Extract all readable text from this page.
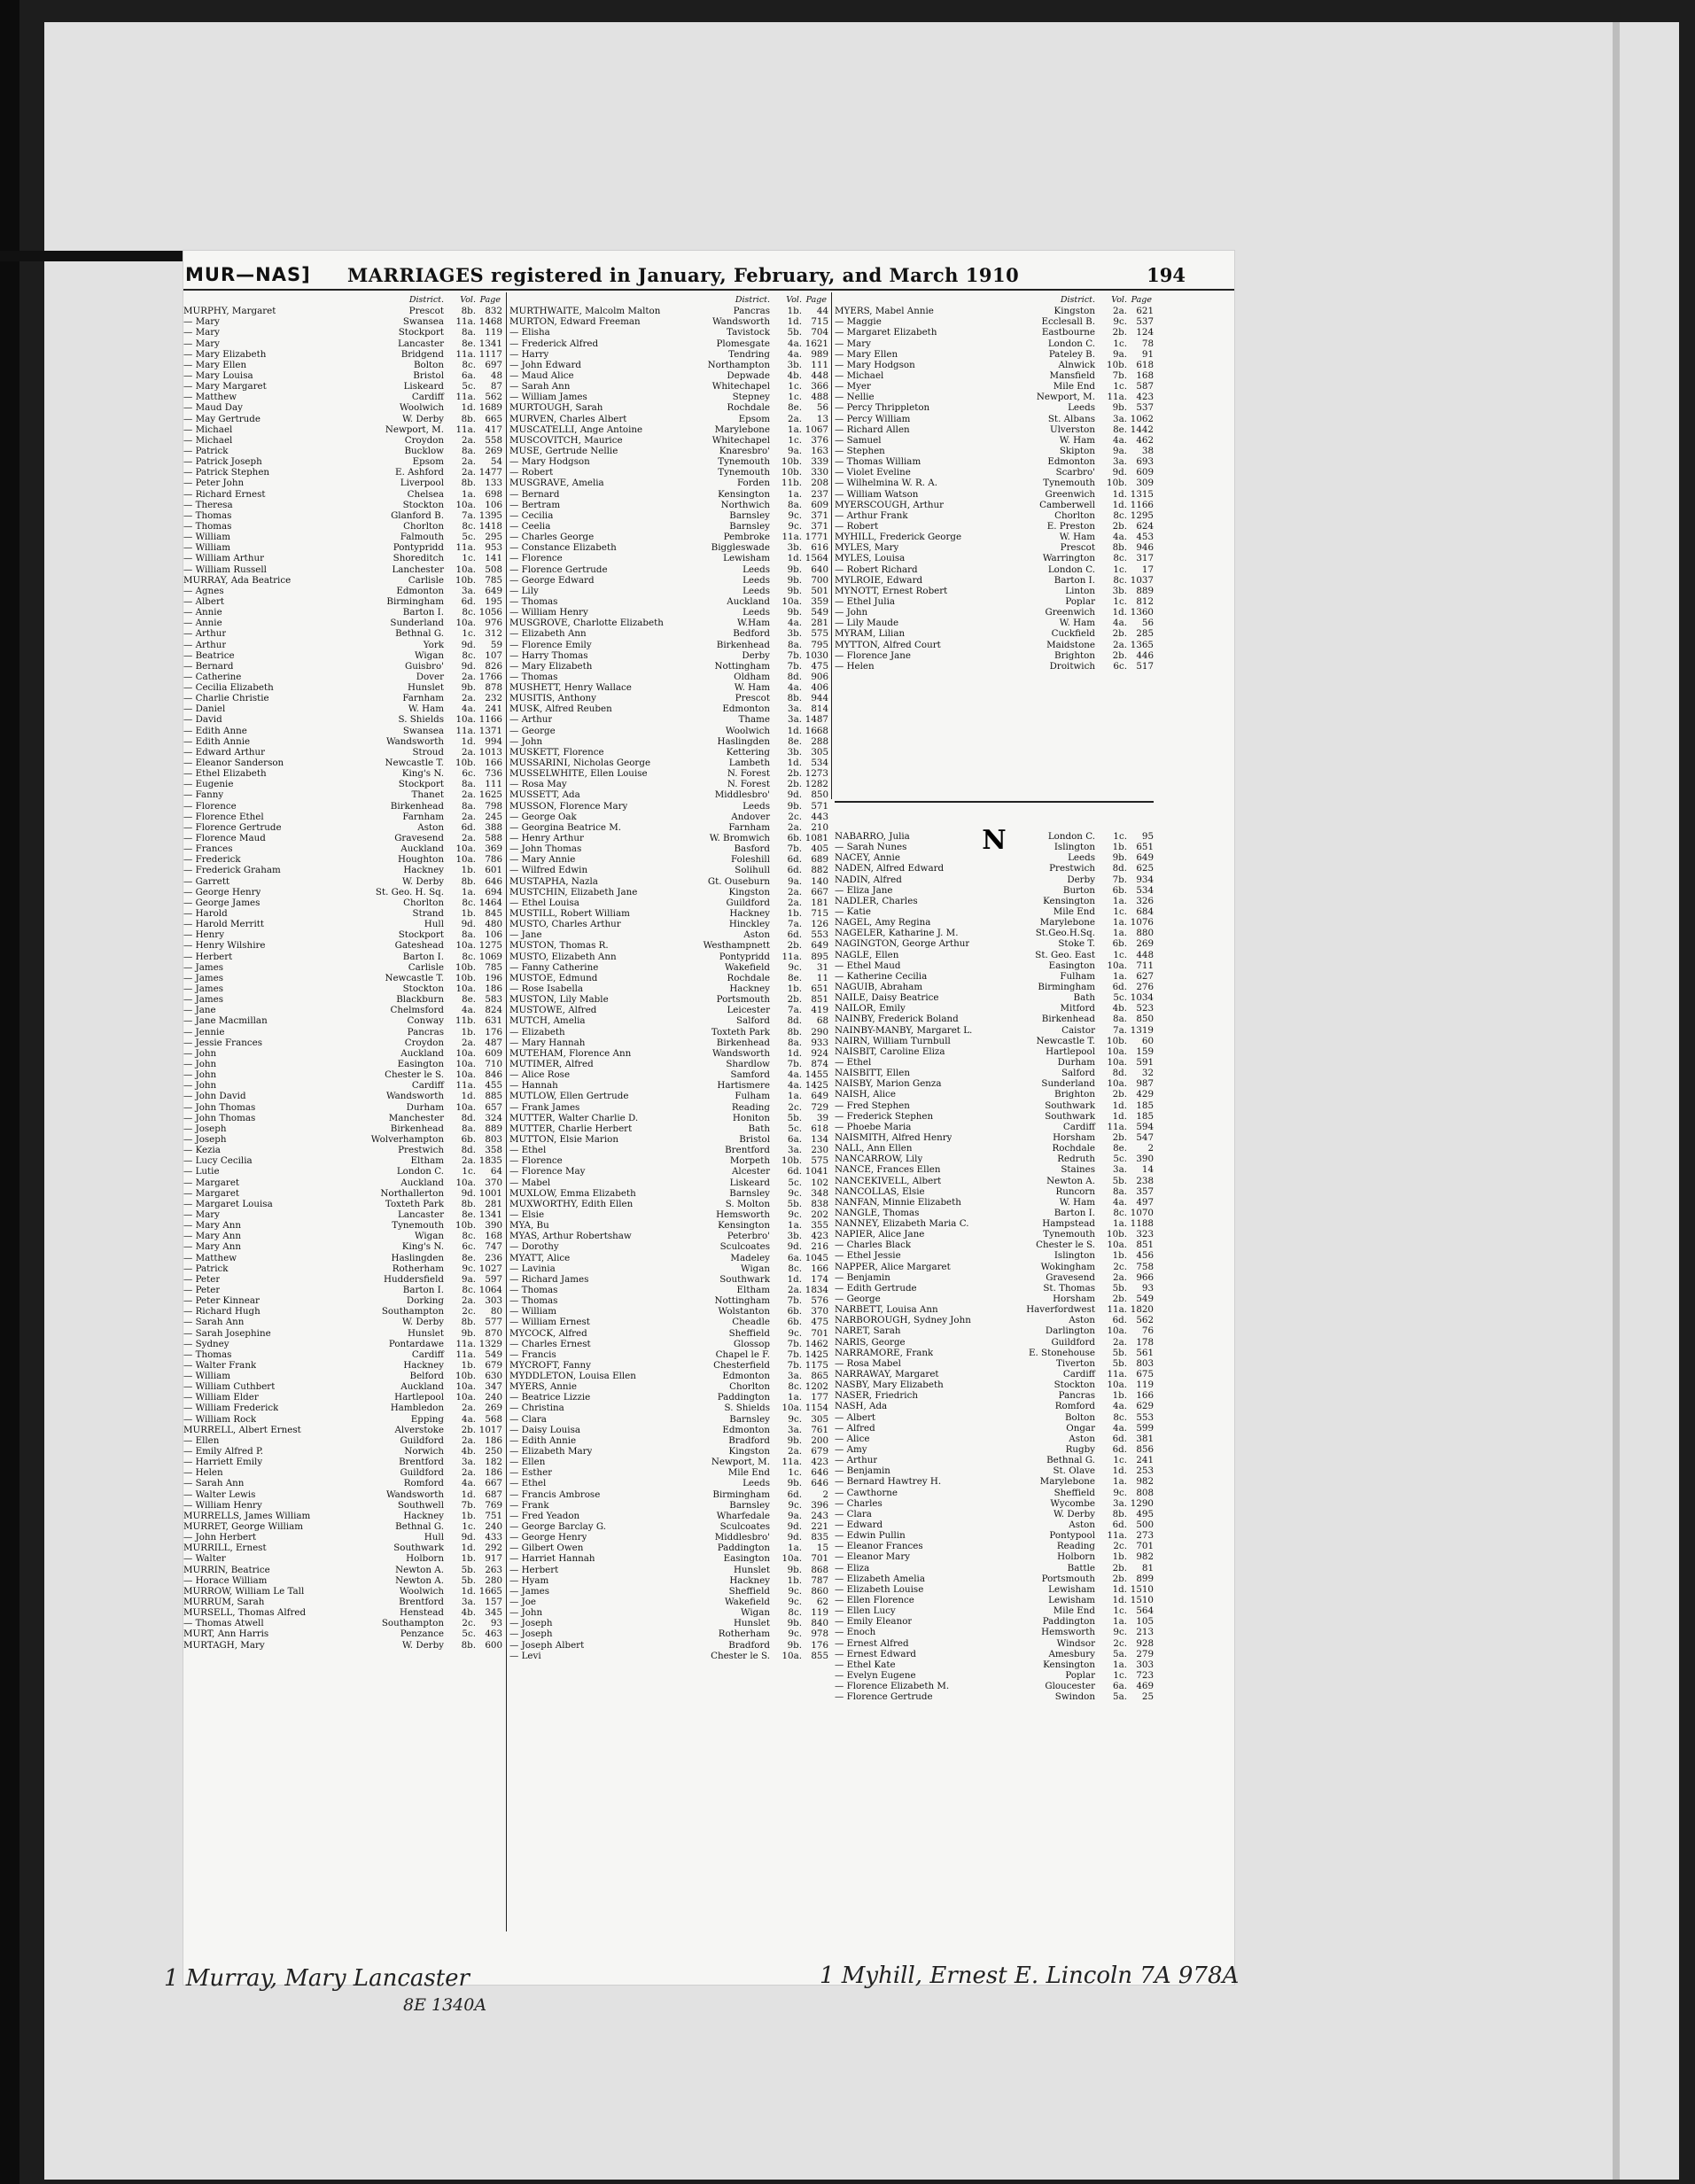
MUR—NAS] MARRIAGES registered in January, February, and March 1910	194
District. Vol. Page
MURPHY, Margaret	Prescot	8b.	832
— Mary	Swansea	11a. 1468
— Mary	Stockport	8a.	119
— Mary	Lancaster	8e. 1341
— Mary Elizabeth	Bridgend	11a. 1117
— Mary Ellen	Bolton	8c.	697
— Mary Louisa	Bristol	6a.	48
— Mary Margaret	Liskeard	5c.	87
— Matthew	Cardiff	11a.	562
— Maud Day	Woolwich	1d. 1689
— May Gertrude	W. Derby	8b.	665
— Michael	Newport, M.	11a.	417
— Michael	Croydon	2a.	558
— Patrick	Bucklow	8a.	269
— Patrick Joseph	Epsom	2a.	54
— Patrick Stephen	E. Ashford	2a. 1477
— Peter John	Liverpool	8b.	133
— Richard Ernest	Chelsea	1a.	698
— Theresa	Stockton	10a.	106
— Thomas	Glanford B.	7a. 1395
— Thomas	Chorlton	8c. 1418
— William	Falmouth	5c.	295
— William	Pontypridd	11a.	953
— William Arthur	Shoreditch	1c.	141
— William Russell	Lanchester	10a.	508
MURRAY, Ada Beatrice	Carlisle	10b.	785
— Agnes	Edmonton	3a.	649
— Albert	Birmingham	6d.	195
— Annie	Barton I.	8c. 1056
— Annie	Sunderland	10a.	976
— Arthur	Bethnal G.	1c.	312
— Arthur	York	9d.	59
— Beatrice	Wigan	8c.	107
— Bernard	Guisbro'	9d.	826
— Catherine	Dover	2a. 1766
— Cecilia Elizabeth	Hunslet	9b.	878
— Charlie Christie	Farnham	2a.	232
— Daniel	W. Ham	4a.	241
— David	S. Shields	10a. 1166
— Edith Anne	Swansea	11a. 1371
— Edith Annie	Wandsworth	1d.	994
— Edward Arthur	Stroud	2a. 1013
— Eleanor Sanderson	Newcastle T.	10b.	166
— Ethel Elizabeth	King's N.	6c.	736
— Eugenie	Stockport	8a.	111
— Fanny	Thanet	2a. 1625
— Florence	Birkenhead	8a.	798
— Florence Ethel	Farnham	2a.	245
— Florence Gertrude	Aston	6d.	388
— Florence Maud	Gravesend	2a.	588
— Frances	Auckland	10a.	369
— Frederick	Houghton	10a.	786
— Frederick Graham	Hackney	1b.	601
— Garrett	W. Derby	8b.	646
— George Henry	St. Geo. H. Sq.	1a.	694
— George James	Chorlton	8c. 1464
— Harold	Strand	1b.	845
— Harold Merritt	Hull	9d.	480
— Henry	Stockport	8a.	106
— Henry Wilshire	Gateshead	10a. 1275
— Herbert	Barton I.	8c. 1069
— James	Carlisle	10b.	785
— James	Newcastle T.	10b.	196
— James	Stockton	10a.	186
— James	Blackburn	8e.	583
— Jane	Chelmsford	4a.	824
— Jane Macmillan	Conway	11b.	631
— Jennie	Pancras	1b.	176
— Jessie Frances	Croydon	2a.	487
— John	Auckland	10a.	609
— John	Easington	10a.	710
— John	Chester le S.	10a.	846
— John	Cardiff	11a.	455
— John David	Wandsworth	1d.	885
— John Thomas	Durham	10a.	657
— John Thomas	Manchester	8d.	324
— Joseph	Birkenhead	8a.	889
— Joseph	Wolverhampton	6b.	803
— Kezia	Prestwich	8d.	358
— Lucy Cecilia	Eltham	2a. 1835
— Lutie	London C.	1c.	64
— Margaret	Auckland	10a.	370
— Margaret	Northallerton	9d. 1001
— Margaret Louisa	Toxteth Park	8b.	281
— Mary	Lancaster	8e. 1341
— Mary Ann	Tynemouth	10b.	390
— Mary Ann	Wigan	8c.	168
— Mary Ann	King's N.	6c.	747
— Matthew	Haslingden	8e.	236
— Patrick	Rotherham	9c. 1027
— Peter	Huddersfield	9a.	597
— Peter	Barton I.	8c. 1064
— Peter Kinnear	Dorking	2a.	303
— Richard Hugh	Southampton	2c.	80
— Sarah Ann	W. Derby	8b.	577
— Sarah Josephine	Hunslet	9b.	870
— Sydney	Pontardawe	11a. 1329
— Thomas	Cardiff	11a.	549
— Walter Frank	Hackney	1b.	679
— William	Belford	10b.	630
— William Cuthbert	Auckland	10a.	347
— William Elder	Hartlepool	10a.	240
— William Frederick	Hambledon	2a.	269
— William Rock	Epping	4a.	568
MURRELL, Albert Ernest	Alverstoke	2b. 1017
— Ellen	Guildford	2a.	186
— Emily Alfred P.	Norwich	4b.	250
— Harriett Emily	Brentford	3a.	182
— Helen	Guildford	2a.	186
— Sarah Ann	Romford	4a.	667
— Walter Lewis	Wandsworth	1d.	687
— William Henry	Southwell	7b.	769
MURRELLS, James William	Hackney	1b.	751
MURRET, George William	Bethnal G.	1c.	240
— John Herbert	Hull	9d.	433
MURRILL, Ernest	Southwark	1d.	292
— Walter	Holborn	1b.	917
MURRIN, Beatrice	Newton A.	5b.	263
— Horace William	Newton A.	5b.	280
MURROW, William Le Tall	Woolwich	1d. 1665
MURRUM, Sarah	Brentford	3a.	157
MURSELL, Thomas Alfred	Henstead	4b.	345
— Thomas Atwell	Southampton	2c.	93
MURT, Ann Harris	Penzance	5c.	463
MURTAGH, Mary	W. Derby	8b.	600
District. Vol. Page
MURTHWAITE, Malcolm Malton	Pancras	1b.	44
MURTON, Edward Freeman	Wandsworth	1d.	715
— Elisha	Tavistock	5b.	704
— Frederick Alfred	Plomesgate	4a. 1621
— Harry	Tendring	4a.	989
— John Edward	Northampton	3b.	111
— Maud Alice	Depwade	4b.	448
— Sarah Ann	Whitechapel	1c.	366
— William James	Stepney	1c.	488
MURTOUGH, Sarah	Rochdale	8e.	56
MURVEN, Charles Albert	Epsom	2a.	13
MUSCATELLI, Ange Antoine	Marylebone	1a. 1067
MUSCOVITCH, Maurice	Whitechapel	1c.	376
MUSE, Gertrude Nellie	Knaresbro'	9a.	163
— Mary Hodgson	Tynemouth	10b.	339
— Robert	Tynemouth	10b.	330
MUSGRAVE, Amelia	Forden	11b.	208
— Bernard	Kensington	1a.	237
— Bertram	Northwich	8a.	609
— Cecilia	Barnsley	9c.	371
— Ceelia	Barnsley	9c.	371
— Charles George	Pembroke	11a. 1771
— Constance Elizabeth	Biggleswade	3b.	616
— Florence	Lewisham	1d. 1564
— Florence Gertrude	Leeds	9b.	640
— George Edward	Leeds	9b.	700
— Lily	Leeds	9b.	501
— Thomas	Auckland	10a.	359
— William Henry	Leeds	9b.	549
MUSGROVE, Charlotte Elizabeth	W.Ham	4a.	281
— Elizabeth Ann	Bedford	3b.	575
— Florence Emily	Birkenhead	8a.	795
— Harry Thomas	Derby	7b. 1030
— Mary Elizabeth	Nottingham	7b.	475
— Thomas	Oldham	8d.	906
MUSHETT, Henry Wallace	W. Ham	4a.	406
MUSITIS, Anthony	Prescot	8b.	944
MUSK, Alfred Reuben	Edmonton	3a.	814
— Arthur	Thame	3a. 1487
— George	Woolwich	1d. 1668
— John	Haslingden	8e.	288
MUSKETT, Florence	Kettering	3b.	305
MUSSARINI, Nicholas George	Lambeth	1d.	534
MUSSELWHITE, Ellen Louise	N. Forest	2b. 1273
— Rosa May	N. Forest	2b. 1282
MUSSETT, Ada	Middlesbro'	9d.	850
MUSSON, Florence Mary	Leeds	9b.	571
— George Oak	Andover	2c.	443
— Georgina Beatrice M.	Farnham	2a.	210
— Henry Arthur	W. Bromwich	6b. 1081
— John Thomas	Basford	7b.	405
— Mary Annie	Foleshill	6d.	689
— Wilfred Edwin	Solihull	6d.	882
MUSTAPHA, Nazla	Gt. Ouseburn	9a.	140
MUSTCHIN, Elizabeth Jane	Kingston	2a.	667
— Ethel Louisa	Guildford	2a.	181
MUSTILL, Robert William	Hackney	1b.	715
MUSTO, Charles Arthur	Hinckley	7a.	126
— Jane	Aston	6d.	553
MUSTON, Thomas R.	Westhampnett	2b.	649
MUSTO, Elizabeth Ann	Pontypridd	11a.	895
— Fanny Catherine	Wakefield	9c.	31
MUSTOE, Edmund	Rochdale	8e.	11
— Rose Isabella	Hackney	1b.	651
MUSTON, Lily Mable	Portsmouth	2b.	851
MUSTOWE, Alfred	Leicester	7a.	419
MUTCH, Amelia	Salford	8d.	68
— Elizabeth	Toxteth Park	8b.	290
— Mary Hannah	Birkenhead	8a.	933
MUTEHAM, Florence Ann	Wandsworth	1d.	924
MUTIMER, Alfred	Shardlow	7b.	874
— Alice Rose	Samford	4a. 1455
— Hannah	Hartismere	4a. 1425
MUTLOW, Ellen Gertrude	Fulham	1a.	649
— Frank James	Reading	2c.	729
MUTTER, Walter Charlie D.	Honiton	5b.	39
MUTTER, Charlie Herbert	Bath	5c.	618
MUTTON, Elsie Marion	Bristol	6a.	134
— Ethel	Brentford	3a.	230
— Florence	Morpeth	10b.	575
— Florence May	Alcester	6d. 1041
— Mabel	Liskeard	5c.	102
MUXLOW, Emma Elizabeth	Barnsley	9c.	348
MUXWORTHY, Edith Ellen	S. Molton	5b.	838
— Elsie	Hemsworth	9c.	202
MYA, Bu	Kensington	1a.	355
MYAS, Arthur Robertshaw	Peterbro'	3b.	423
— Dorothy	Sculcoates	9d.	216
MYATT, Alice	Madeley	6a. 1045
— Lavinia	Wigan	8c.	166
— Richard James	Southwark	1d.	174
— Thomas	Eltham	2a. 1834
— Thomas	Nottingham	7b.	576
— William	Wolstanton	6b.	370
— William Ernest	Cheadle	6b.	475
MYCOCK, Alfred	Sheffield	9c.	701
— Charles Ernest	Glossop	7b. 1462
— Francis	Chapel le F.	7b. 1425
MYCROFT, Fanny	Chesterfield	7b. 1175
MYDDLETON, Louisa Ellen	Edmonton	3a.	865
MYERS, Annie	Chorlton	8c. 1202
— Beatrice Lizzie	Paddington	1a.	177
— Christina	S. Shields	10a. 1154
— Clara	Barnsley	9c.	305
— Daisy Louisa	Edmonton	3a.	761
— Edith Annie	Bradford	9b.	200
— Elizabeth Mary	Kingston	2a.	679
— Ellen	Newport, M.	11a.	423
— Esther	Mile End	1c.	646
— Ethel	Leeds	9b.	646
— Francis Ambrose	Birmingham	6d.	2
— Frank	Barnsley	9c.	396
— Fred Yeadon	Wharfedale	9a.	243
— George Barclay G.	Sculcoates	9d.	221
— George Henry	Middlesbro'	9d.	835
— Gilbert Owen	Paddington	1a.	15
— Harriet Hannah	Easington	10a.	701
— Herbert	Hunslet	9b.	868
— Hyam	Hackney	1b.	787
— James	Sheffield	9c.	860
— Joe	Wakefield	9c.	62
— John	Wigan	8c.	119
— Joseph	Hunslet	9b.	840
— Joseph	Rotherham	9c.	978
— Joseph Albert	Bradford	9b.	176
— Levi	Chester le S.	10a.	855
District. Vol. Page
MYERS, Mabel Annie	Kingston	2a.	621
— Maggie	Ecclesall B.	9c.	537
— Margaret Elizabeth	Eastbourne	2b.	124
— Mary	London C.	1c.	78
— Mary Ellen	Pateley B.	9a.	91
— Mary Hodgson	Alnwick	10b.	618
— Michael	Mansfield	7b.	168
— Myer	Mile End	1c.	587
— Nellie	Newport, M.	11a.	423
— Percy Thrippleton	Leeds	9b.	537
— Percy William	St. Albans	3a. 1062
— Richard Allen	Ulverston	8e. 1442
— Samuel	W. Ham	4a.	462
— Stephen	Skipton	9a.	38
— Thomas William	Edmonton	3a.	693
— Violet Eveline	Scarbro'	9d.	609
— Wilhelmina W. R. A.	Tynemouth	10b.	309
— William Watson	Greenwich	1d. 1315
MYERSCOUGH, Arthur	Camberwell	1d. 1166
— Arthur Frank	Chorlton	8c. 1295
— Robert	E. Preston	2b.	624
MYHILL, Frederick George	W. Ham	4a.	453
MYLES, Mary	Prescot	8b.	946
MYLES, Louisa	Warrington	8c.	317
— Robert Richard	London C.	1c.	17
MYLROIE, Edward	Barton I.	8c. 1037
MYNOTT, Ernest Robert	Linton	3b.	889
— Ethel Julia	Poplar	1c.	812
— John	Greenwich	1d. 1360
— Lily Maude	W. Ham	4a.	56
MYRAM, Lilian	Cuckfield	2b.	285
MYTTON, Alfred Court	Maidstone	2a. 1365
— Florence Jane	Brighton	2b.	446
— Helen	Droitwich	6c.	517
NABARRO, Julia	London C.	1c.	95
— Sarah Nunes	Islington	1b.	651
NACEY, Annie	Leeds	9b.	649
NADEN, Alfred Edward	Prestwich	8d.	625
NADIN, Alfred	Derby	7b.	934
— Eliza Jane	Burton	6b.	534
NADLER, Charles	Kensington	1a.	326
— Katie	Mile End	1c.	684
NAGEL, Amy Regina	Marylebone	1a. 1076
NAGELER, Katharine J. M.	St.Geo.H.Sq.	1a.	880
NAGINGTON, George Arthur	Stoke T.	6b.	269
NAGLE, Ellen	St. Geo. East	1c.	448
— Ethel Maud	Easington	10a.	711
— Katherine Cecilia	Fulham	1a.	627
NAGUIB, Abraham	Birmingham	6d.	276
NAILE, Daisy Beatrice	Bath	5c. 1034
NAILOR, Emily	Mitford	4b.	523
NAINBY, Frederick Boland	Birkenhead	8a.	850
NAINBY-MANBY, Margaret L.	Caistor	7a. 1319
NAIRN, William Turnbull	Newcastle T.	10b.	60
NAISBIT, Caroline Eliza	Hartlepool	10a.	159
— Ethel	Durham	10a.	591
NAISBITT, Ellen	Salford	8d.	32
NAISBY, Marion Genza	Sunderland	10a.	987
NAISH, Alice	Brighton	2b.	429
— Fred Stephen	Southwark	1d.	185
— Frederick Stephen	Southwark	1d.	185
— Phoebe Maria	Cardiff	11a.	594
NAISMITH, Alfred Henry	Horsham	2b.	547
NALL, Ann Ellen	Rochdale	8e.	2
NANCARROW, Lily	Redruth	5c.	390
NANCE, Frances Ellen	Staines	3a.	14
NANCEKIVELL, Albert	Newton A.	5b.	238
NANCOLLAS, Elsie	Runcorn	8a.	357
NANFAN, Minnie Elizabeth	W. Ham	4a.	497
NANGLE, Thomas	Barton I.	8c. 1070
NANNEY, Elizabeth Maria C.	Hampstead	1a. 1188
NAPIER, Alice Jane	Tynemouth	10b.	323
— Charles Black	Chester le S.	10a.	851
— Ethel Jessie	Islington	1b.	456
NAPPER, Alice Margaret	Wokingham	2c.	758
— Benjamin	Gravesend	2a.	966
— Edith Gertrude	St. Thomas	5b.	93
— George	Horsham	2b.	549
NARBETT, Louisa Ann	Haverfordwest	11a. 1820
NARBOROUGH, Sydney John	Aston	6d.	562
NARET, Sarah	Darlington	10a.	76
NARIS, George	Guildford	2a.	178
NARRAMORE, Frank	E. Stonehouse	5b.	561
— Rosa Mabel	Tiverton	5b.	803
NARRAWAY, Margaret	Cardiff	11a.	675
NASBY, Mary Elizabeth	Stockton	10a.	119
NASER, Friedrich	Pancras	1b.	166
NASH, Ada	Romford	4a.	629
— Albert	Bolton	8c.	553
— Alfred	Ongar	4a.	599
— Alice	Aston	6d.	381
— Amy	Rugby	6d.	856
— Arthur	Bethnal G.	1c.	241
— Benjamin	St. Olave	1d.	253
— Bernard Hawtrey H.	Marylebone	1a.	982
— Cawthorne	Sheffield	9c.	808
— Charles	Wycombe	3a. 1290
— Clara	W. Derby	8b.	495
— Edward	Aston	6d.	500
— Edwin Pullin	Pontypool	11a.	273
— Eleanor Frances	Reading	2c.	701
— Eleanor Mary	Holborn	1b.	982
— Eliza	Battle	2b.	81
— Elizabeth Amelia	Portsmouth	2b.	899
— Elizabeth Louise	Lewisham	1d. 1510
— Ellen Florence	Lewisham	1d. 1510
— Ellen Lucy	Mile End	1c.	564
— Emily Eleanor	Paddington	1a.	105
— Enoch	Hemsworth	9c.	213
— Ernest Alfred	Windsor	2c.	928
— Ernest Edward	Amesbury	5a.	279
— Ethel Kate	Kensington	1a.	303
— Evelyn Eugene	Poplar	1c.	723
— Florence Elizabeth M.	Gloucester	6a.	469
— Florence Gertrude	Swindon	5a.	25
N
1 Murray, Mary Lancaster
8E 1340A
1 Myhill, Ernest E. Lincoln 7A 978A
